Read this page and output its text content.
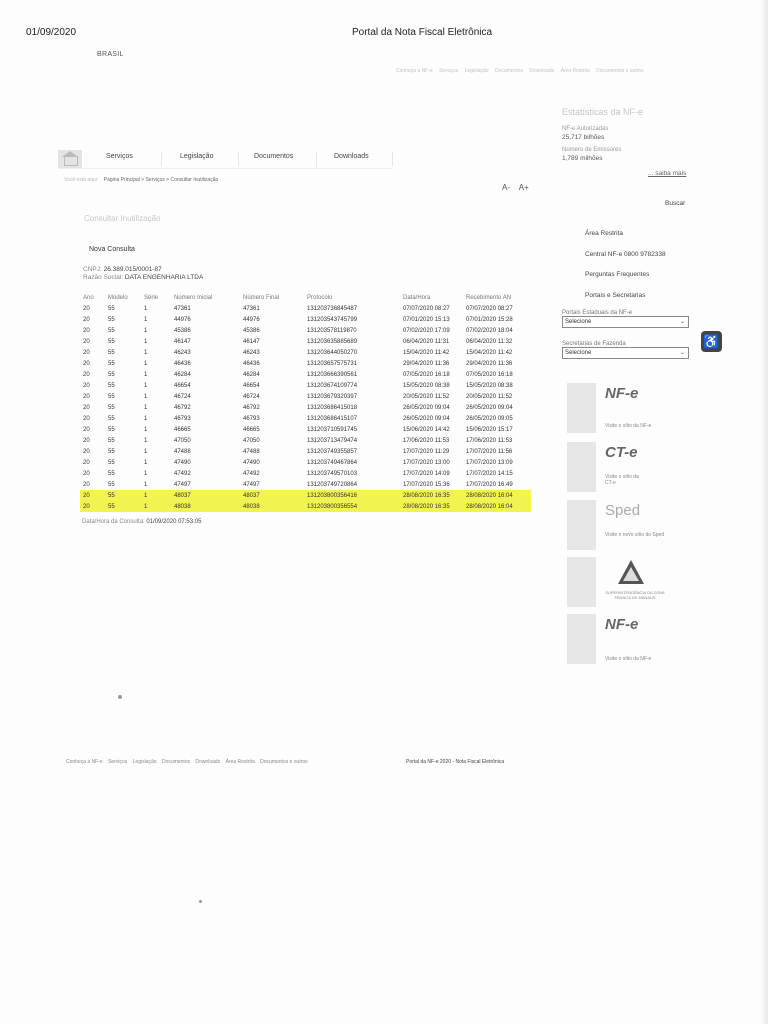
01/09/2020	Portal da Nota Fiscal Eletrônica
BRASIL
Conheça a NF-e Serviços Legislação Documentos Downloads Área Restrita Documentos e outros
Estatísticas da NF-e
NF-e Autorizadas
25,717 bilhões
Número de Emissores
1,789 milhões
... saiba mais
Serviços	Legislação	Documentos	Downloads
Você está aqui: Página Principal > Serviços > Consultar Inutilização
A- A+
Buscar
Consultar Inutilização
Nova Consulta
CNPJ: 26.389.015/0001-87
Razão Social: DATA ENGENHARIA LTDA
Ano	Modelo	Série	Número Inicial	Número Final	Protocolo	Data/Hora	Recebimento AN
20	55	1	47361	47361	131203736845487	07/07/2020 08:27	07/07/2020 08:27
20	55	1	44976	44976	131203543745799	07/01/2020 15:13	07/01/2020 15:28
20	55	1	45386	45386	131203578119870	07/02/2020 17:09	07/02/2020 18:04
20	55	1	46147	46147	131203635885689	06/04/2020 11:31	06/04/2020 11:32
20	55	1	46243	46243	131203644050270	15/04/2020 11:42	15/04/2020 11:42
20	55	1	46436	46436	131203657575731	29/04/2020 11:36	29/04/2020 11:36
20	55	1	46284	46284	131203666390561	07/05/2020 16:18	07/05/2020 16:18
20	55	1	46654	46654	131203674109774	15/05/2020 08:38	15/05/2020 08:38
20	55	1	46724	46724	131203679320397	20/05/2020 11:52	20/05/2020 11:52
20	55	1	46792	46792	131203686415018	26/05/2020 09:04	26/05/2020 09:04
20	55	1	46793	46793	131203686415107	26/05/2020 09:04	26/05/2020 09:05
20	55	1	46665	46665	131203710591745	15/06/2020 14:42	15/06/2020 15:17
20	55	1	47050	47050	131203713479474	17/06/2020 11:53	17/06/2020 11:53
20	55	1	47488	47488	131203749355857	17/07/2020 11:29	17/07/2020 11:56
20	55	1	47490	47490	131203749467864	17/07/2020 13:00	17/07/2020 13:09
20	55	1	47492	47492	131203749570103	17/07/2020 14:09	17/07/2020 14:15
20	55	1	47497	47497	131203749720864	17/07/2020 15:36	17/07/2020 16:49
20	55	1	48037	48037	131203800356416	28/08/2020 16:35	28/08/2020 16:04
20	55	1	48038	48038	131203800356554	28/08/2020 16:35	28/08/2020 16:04
Data/Hora da Consulta: 01/09/2020 07:53:05
Área Restrita
Central NF-e 0800 9782338
Perguntas Frequentes
Portais e Secretarias
Portais Estaduais da NF-e
Selecione	⌄
Secretarias de Fazenda
Selecione	⌄
♿
NF-e
Visite o sítio da NF-e
CT-e
Visite o sítio da CT-e
Sped
Visite o novo sítio do Sped
SUPERINTENDÊNCIA DA ZONA FRANCA DE MANAUS
NF-e
Visite o sítio da NF-e
Conheça a NF-e Serviços Legislação Documentos Downloads Área Restrita Documentos e outros	Portal da NF-e 2020 - Nota Fiscal Eletrônica
